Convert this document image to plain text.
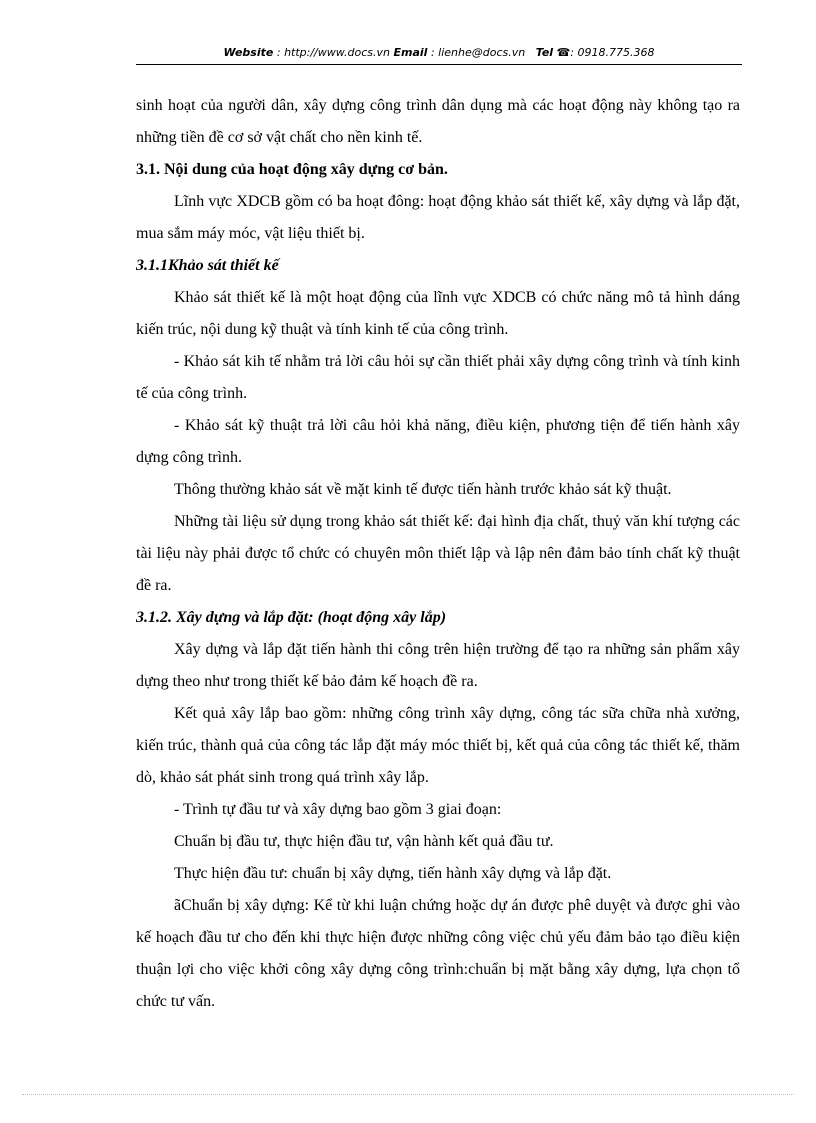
Website : http://www.docs.vn Email : lienhe@docs.vn Tel ☎: 0918.775.368

sinh hoạt của người dân, xây dựng công trình dân dụng mà các hoạt động này không tạo ra những tiền đề cơ sở vật chất cho nền kinh tế.

3.1. Nội dung của hoạt động xây dựng cơ bản.

Lĩnh vực XDCB gồm có ba hoạt đông: hoạt động khảo sát thiết kế, xây dựng và lắp đặt, mua sắm máy móc, vật liệu thiết bị.

3.1.1Khảo sát thiết kế

Khảo sát thiết kế là một hoạt động của lĩnh vực XDCB có chức năng mô tả hình dáng kiến trúc, nội dung kỹ thuật và tính kinh tế của công trình.

- Khảo sát kih tế nhằm trả lời câu hỏi sự cần thiết phải xây dựng công trình và tính kinh tế của công trình.

- Khảo sát kỹ thuật trả lời câu hỏi khả năng, điều kiện, phương tiện để tiến hành xây dựng công trình.

Thông thường khảo sát về mặt kinh tế được tiến hành trước khảo sát kỹ thuật.

Những tài liệu sử dụng trong khảo sát thiết kế: đại hình địa chất, thuỷ văn khí tượng các tài liệu này phải được tổ chức có chuyên môn thiết lập và lập nên đảm bảo tính chất kỹ thuật đề ra.

3.1.2. Xây dựng và lắp đặt: (hoạt động xây lắp)

Xây dựng và lắp đặt tiến hành thi công trên hiện trường để tạo ra những sản phẩm xây dựng theo như trong thiết kế bảo đảm kế hoạch đề ra.

Kết quả xây lắp bao gồm: những công trình xây dựng, công tác sữa chữa nhà xưởng, kiến trúc, thành quả của công tác lắp đặt máy móc thiết bị, kết quả của công tác thiết kế, thăm dò, khảo sát phát sinh trong quá trình xây lắp.

- Trình tự đầu tư và xây dựng bao gồm 3 giai đoạn:

Chuẩn bị đầu tư, thực hiện đầu tư, vận hành kết quả đầu tư.

Thực hiện đầu tư: chuẩn bị xây dựng, tiến hành xây dựng và lắp đặt.

ãChuẩn bị xây dựng: Kể từ khi luận chứng hoặc dự án được phê duyệt và được ghi vào kế hoạch đầu tư cho đến khi thực hiện được những công việc chủ yếu đảm bảo tạo điều kiện thuận lợi cho việc khởi công xây dựng công trình:chuẩn bị mặt bằng xây dựng, lựa chọn tổ chức tư vấn.
